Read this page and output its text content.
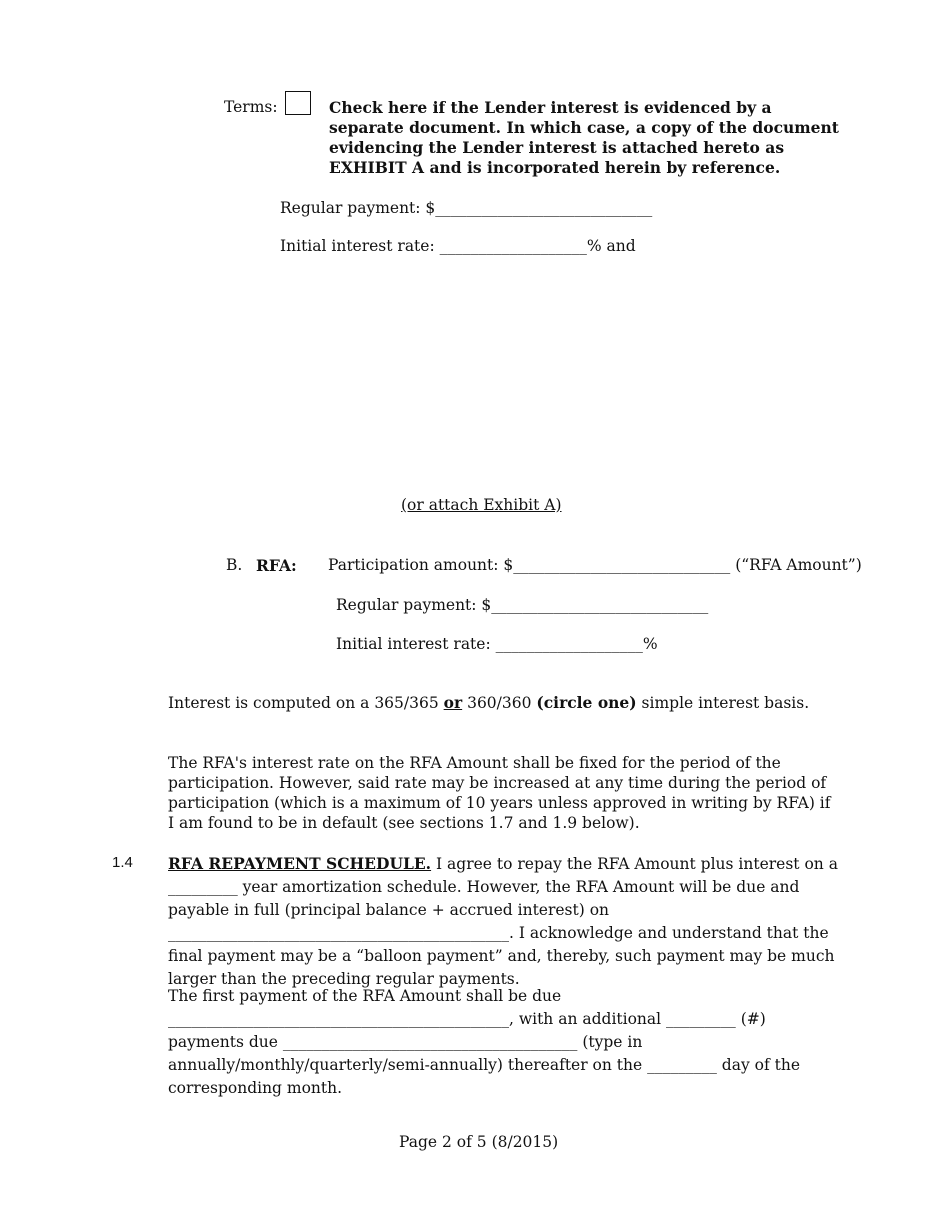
Terms:	Check here if the Lender interest is evidenced by a separate document. In which case, a copy of the document evidencing the Lender interest is attached hereto as EXHIBIT A and is incorporated herein by reference.
Regular payment: $____________________________
Initial interest rate: ___________________% and
(or attach Exhibit A)
B. RFA: Participation amount: $____________________________ (“RFA Amount”)
Regular payment: $____________________________
Initial interest rate: ___________________%
Interest is computed on a 365/365 or 360/360 (circle one) simple interest basis.
The RFA's interest rate on the RFA Amount shall be fixed for the period of the participation. However, said rate may be increased at any time during the period of participation (which is a maximum of 10 years unless approved in writing by RFA) if I am found to be in default (see sections 1.7 and 1.9 below).
1.4 RFA REPAYMENT SCHEDULE. I agree to repay the RFA Amount plus interest on a _________ year amortization schedule. However, the RFA Amount will be due and payable in full (principal balance + accrued interest) on ____________________________________________. I acknowledge and understand that the final payment may be a “balloon payment” and, thereby, such payment may be much larger than the preceding regular payments.
The first payment of the RFA Amount shall be due ____________________________________________, with an additional _________ (#) payments due ______________________________________ (type in annually/monthly/quarterly/semi-annually) thereafter on the _________ day of the corresponding month.
Page 2 of 5 (8/2015)
